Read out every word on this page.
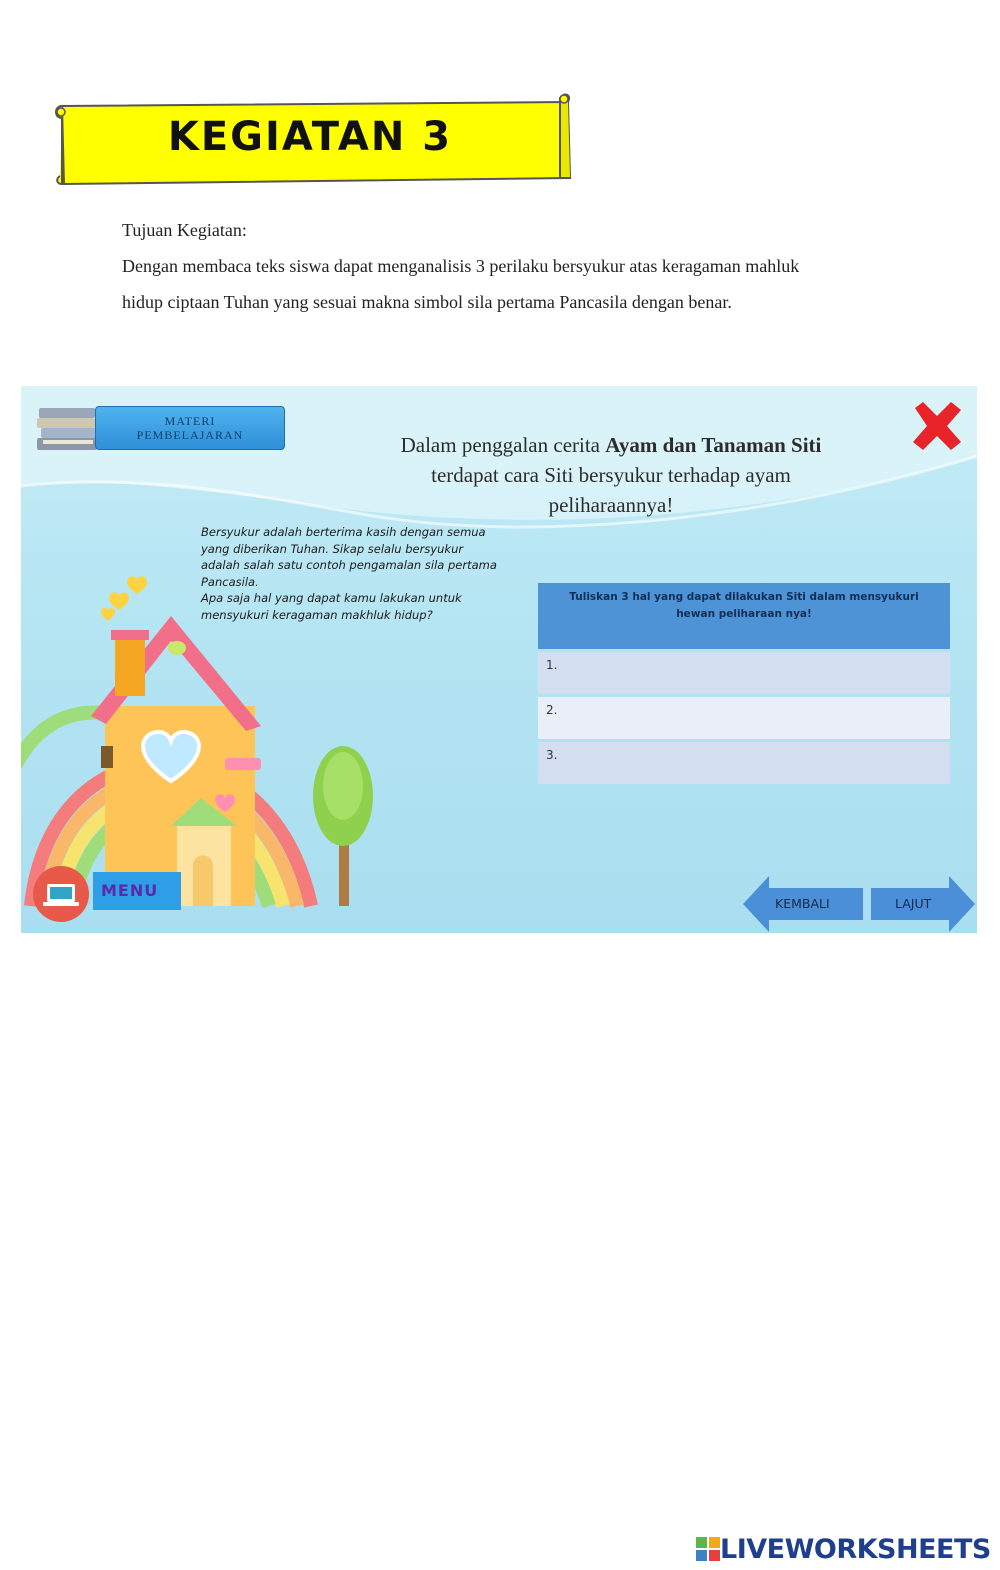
KEGIATAN 3

Tujuan Kegiatan:

Dengan membaca teks siswa dapat menganalisis 3 perilaku bersyukur atas keragaman mahluk

hidup ciptaan Tuhan yang sesuai makna simbol sila pertama Pancasila dengan benar.

MATERI
PEMBELAJARAN	Dalam penggalan cerita Ayam dan Tanaman Siti
terdapat cara Siti bersyukur terhadap ayam
peliharaannya!

Bersyukur adalah berterima kasih dengan semua

yang diberikan Tuhan. Sikap selalu bersyukur

adalah salah satu contoh pengamalan sila pertama

Pancasila.

Apa saja hal yang dapat kamu lakukan untuk

mensyukuri keragaman makhluk hidup?

Tuliskan 3 hal yang dapat dilakukan Siti dalam mensyukuri hewan peliharaan nya!
1.
2.
3.
MENU
KEMBALI	LAJUT
LIVEWORKSHEETS
